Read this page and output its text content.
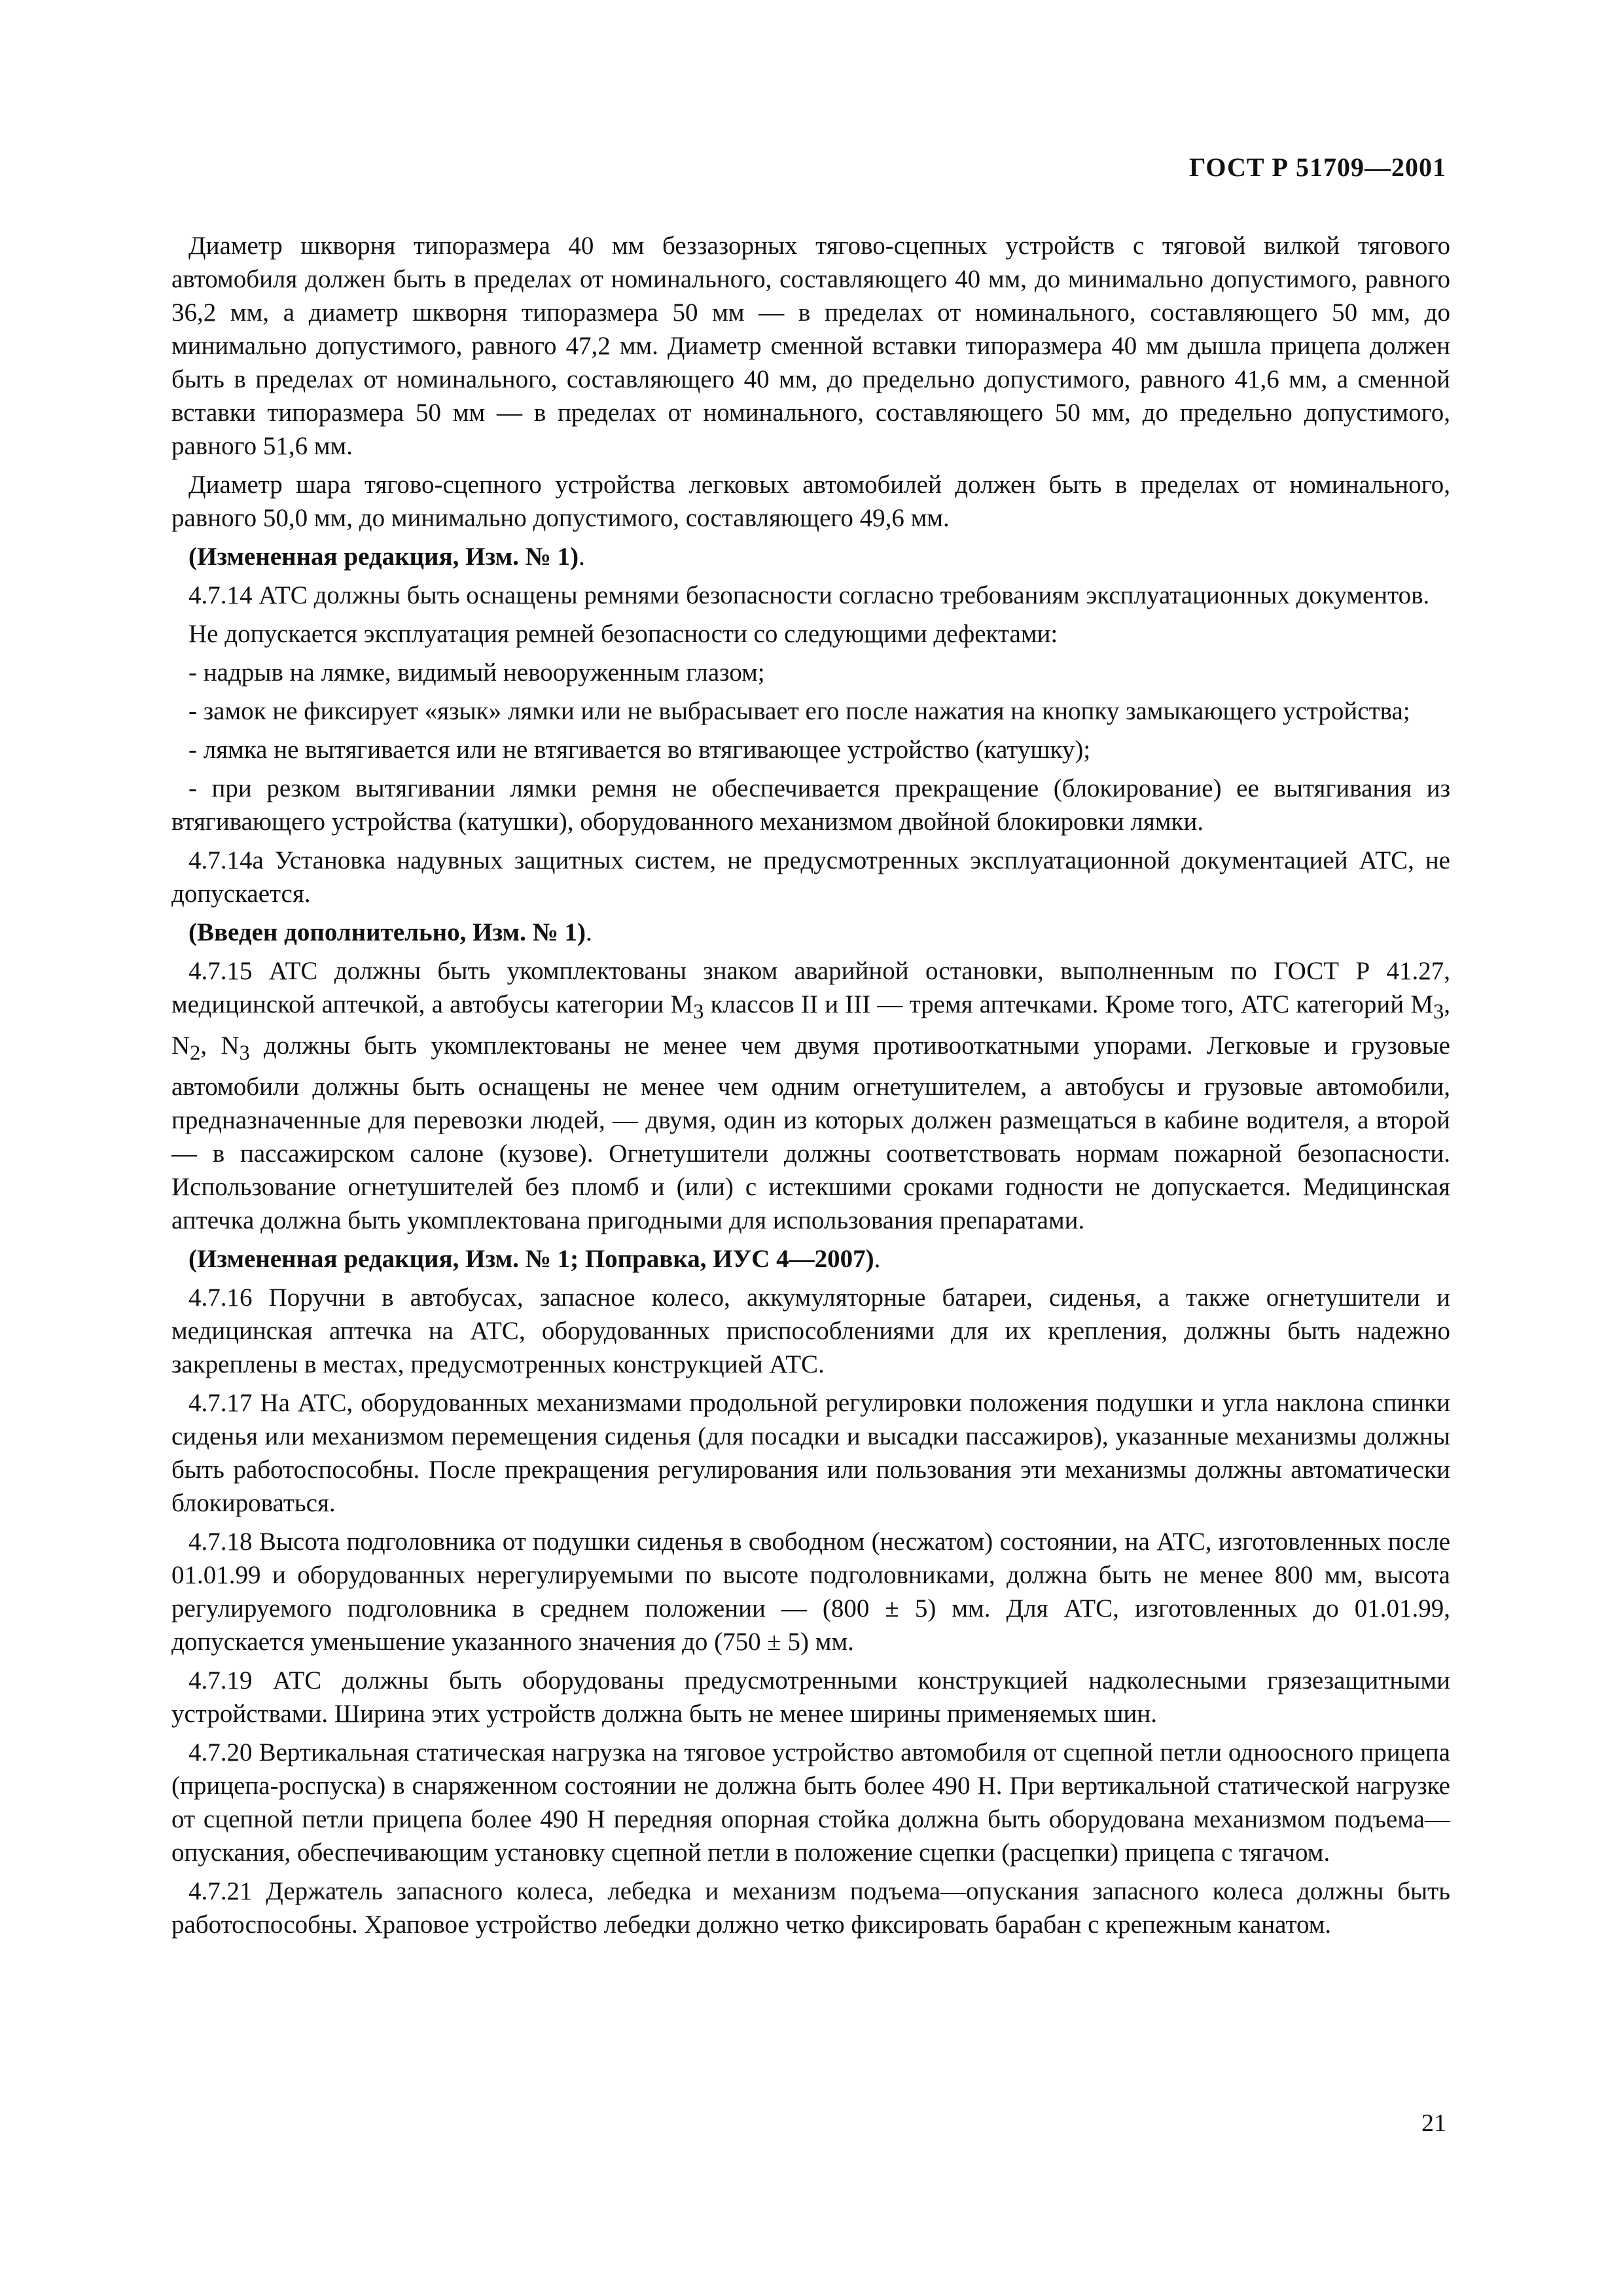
ГОСТ Р 51709—2001

Диаметр шкворня типоразмера 40 мм беззазорных тягово-сцепных устройств с тяговой вилкой тягового автомобиля должен быть в пределах от номинального, составляющего 40 мм, до минимально допустимого, равного 36,2 мм, а диаметр шкворня типоразмера 50 мм — в пределах от номинального, составляющего 50 мм, до минимально допустимого, равного 47,2 мм. Диаметр сменной вставки типоразмера 40 мм дышла прицепа должен быть в пределах от номинального, составляющего 40 мм, до предельно допустимого, равного 41,6 мм, а сменной вставки типоразмера 50 мм — в пределах от номинального, составляющего 50 мм, до предельно допустимого, равного 51,6 мм.

Диаметр шара тягово-сцепного устройства легковых автомобилей должен быть в пределах от номинального, равного 50,0 мм, до минимально допустимого, составляющего 49,6 мм.

(Измененная редакция, Изм. № 1).

4.7.14 АТС должны быть оснащены ремнями безопасности согласно требованиям эксплуатационных документов.

Не допускается эксплуатация ремней безопасности со следующими дефектами:

- надрыв на лямке, видимый невооруженным глазом;

- замок не фиксирует «язык» лямки или не выбрасывает его после нажатия на кнопку замыкающего устройства;

- лямка не вытягивается или не втягивается во втягивающее устройство (катушку);

- при резком вытягивании лямки ремня не обеспечивается прекращение (блокирование) ее вытягивания из втягивающего устройства (катушки), оборудованного механизмом двойной блокировки лямки.

4.7.14а Установка надувных защитных систем, не предусмотренных эксплуатационной документацией АТС, не допускается.

(Введен дополнительно, Изм. № 1).

4.7.15 АТС должны быть укомплектованы знаком аварийной остановки, выполненным по ГОСТ Р 41.27, медицинской аптечкой, а автобусы категории $M_3$ классов II и III — тремя аптечками. Кроме того, АТС категорий $M_3$, $N_2$, $N_3$ должны быть укомплектованы не менее чем двумя противооткатными упорами. Легковые и грузовые автомобили должны быть оснащены не менее чем одним огнетушителем, а автобусы и грузовые автомобили, предназначенные для перевозки людей, — двумя, один из которых должен размещаться в кабине водителя, а второй — в пассажирском салоне (кузове). Огнетушители должны соответствовать нормам пожарной безопасности. Использование огнетушителей без пломб и (или) с истекшими сроками годности не допускается. Медицинская аптечка должна быть укомплектована пригодными для использования препаратами.

(Измененная редакция, Изм. № 1; Поправка, ИУС 4—2007).

4.7.16 Поручни в автобусах, запасное колесо, аккумуляторные батареи, сиденья, а также огнетушители и медицинская аптечка на АТС, оборудованных приспособлениями для их крепления, должны быть надежно закреплены в местах, предусмотренных конструкцией АТС.

4.7.17 На АТС, оборудованных механизмами продольной регулировки положения подушки и угла наклона спинки сиденья или механизмом перемещения сиденья (для посадки и высадки пассажиров), указанные механизмы должны быть работоспособны. После прекращения регулирования или пользования эти механизмы должны автоматически блокироваться.

4.7.18 Высота подголовника от подушки сиденья в свободном (несжатом) состоянии, на АТС, изготовленных после 01.01.99 и оборудованных нерегулируемыми по высоте подголовниками, должна быть не менее 800 мм, высота регулируемого подголовника в среднем положении — (800 ± 5) мм. Для АТС, изготовленных до 01.01.99, допускается уменьшение указанного значения до (750 ± 5) мм.

4.7.19 АТС должны быть оборудованы предусмотренными конструкцией надколесными грязезащитными устройствами. Ширина этих устройств должна быть не менее ширины применяемых шин.

4.7.20 Вертикальная статическая нагрузка на тяговое устройство автомобиля от сцепной петли одноосного прицепа (прицепа-роспуска) в снаряженном состоянии не должна быть более 490 Н. При вертикальной статической нагрузке от сцепной петли прицепа более 490 Н передняя опорная стойка должна быть оборудована механизмом подъема—опускания, обеспечивающим установку сцепной петли в положение сцепки (расцепки) прицепа с тягачом.

4.7.21 Держатель запасного колеса, лебедка и механизм подъема—опускания запасного колеса должны быть работоспособны. Храповое устройство лебедки должно четко фиксировать барабан с крепежным канатом.

21
